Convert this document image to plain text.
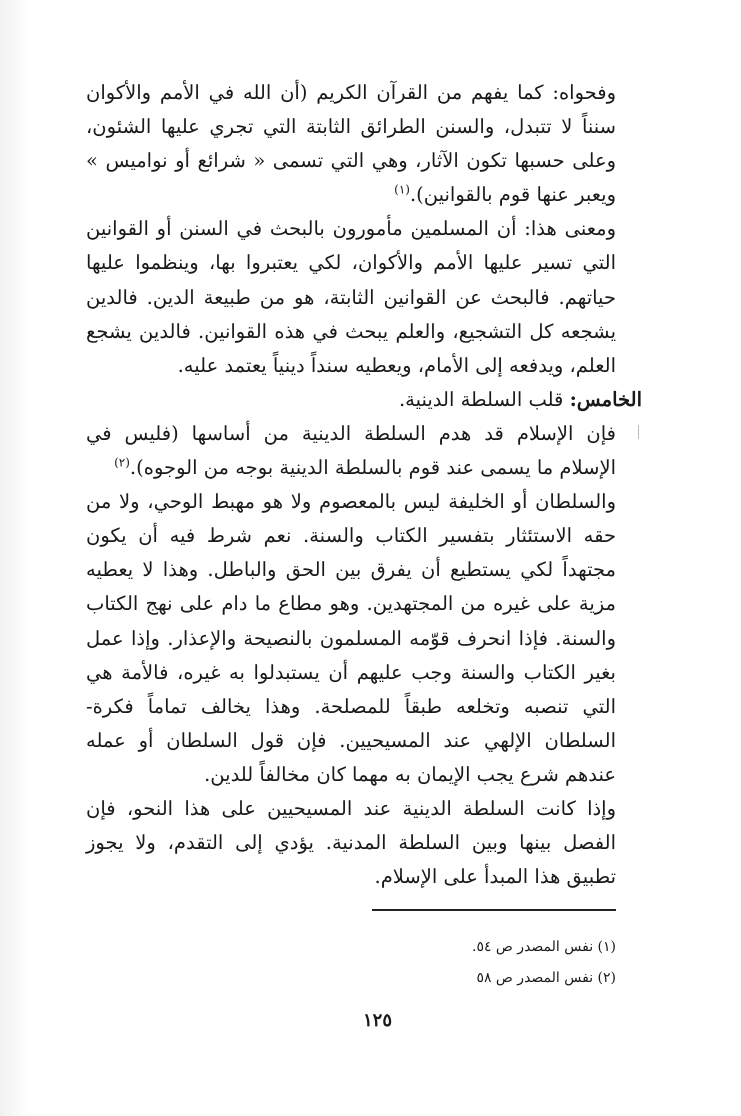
وفحواه: كما يفهم من القرآن الكريم (أن الله في الأمم والأكوان سنناً لا تتبدل، والسنن الطرائق الثابتة التي تجري عليها الشئون، وعلى حسبها تكون الآثار، وهي التي تسمى « شرائع أو نواميس » ويعبر عنها قوم بالقوانين).$^{(١)}$

ومعنى هذا: أن المسلمين مأمورون بالبحث في السنن أو القوانين التي تسير عليها الأمم والأكوان، لكي يعتبروا بها، وينظموا عليها حياتهم. فالبحث عن القوانين الثابتة، هو من طبيعة الدين. فالدين يشجعه كل التشجيع، والعلم يبحث في هذه القوانين. فالدين يشجع العلم، ويدفعه إلى الأمام، ويعطيه سنداً دينياً يعتمد عليه.

الخامس: قلب السلطة الدينية.

فإن الإسلام قد هدم السلطة الدينية من أساسها (فليس في الإسلام ما يسمى عند قوم بالسلطة الدينية بوجه من الوجوه).$^{(٢)}$

والسلطان أو الخليفة ليس بالمعصوم ولا هو مهبط الوحي، ولا من حقه الاستئثار بتفسير الكتاب والسنة. نعم شرط فيه أن يكون مجتهداً لكي يستطيع أن يفرق بين الحق والباطل. وهذا لا يعطيه مزية على غيره من المجتهدين. وهو مطاع ما دام على نهج الكتاب والسنة. فإذا انحرف قوّمه المسلمون بالنصيحة والإعذار. وإذا عمل بغير الكتاب والسنة وجب عليهم أن يستبدلوا به غيره، فالأمة هي التي تنصبه وتخلعه طبقاً للمصلحة. وهذا يخالف تماماً فكرة- السلطان الإلهي عند المسيحيين. فإن قول السلطان أو عمله عندهم شرع يجب الإيمان به مهما كان مخالفاً للدين.

وإذا كانت السلطة الدينية عند المسيحيين على هذا النحو، فإن الفصل بينها وبين السلطة المدنية. يؤدي إلى التقدم، ولا يجوز تطبيق هذا المبدأ على الإسلام.

(١) نفس المصدر ص ٥٤.

(٢) نفس المصدر ص ٥٨

١٢٥
